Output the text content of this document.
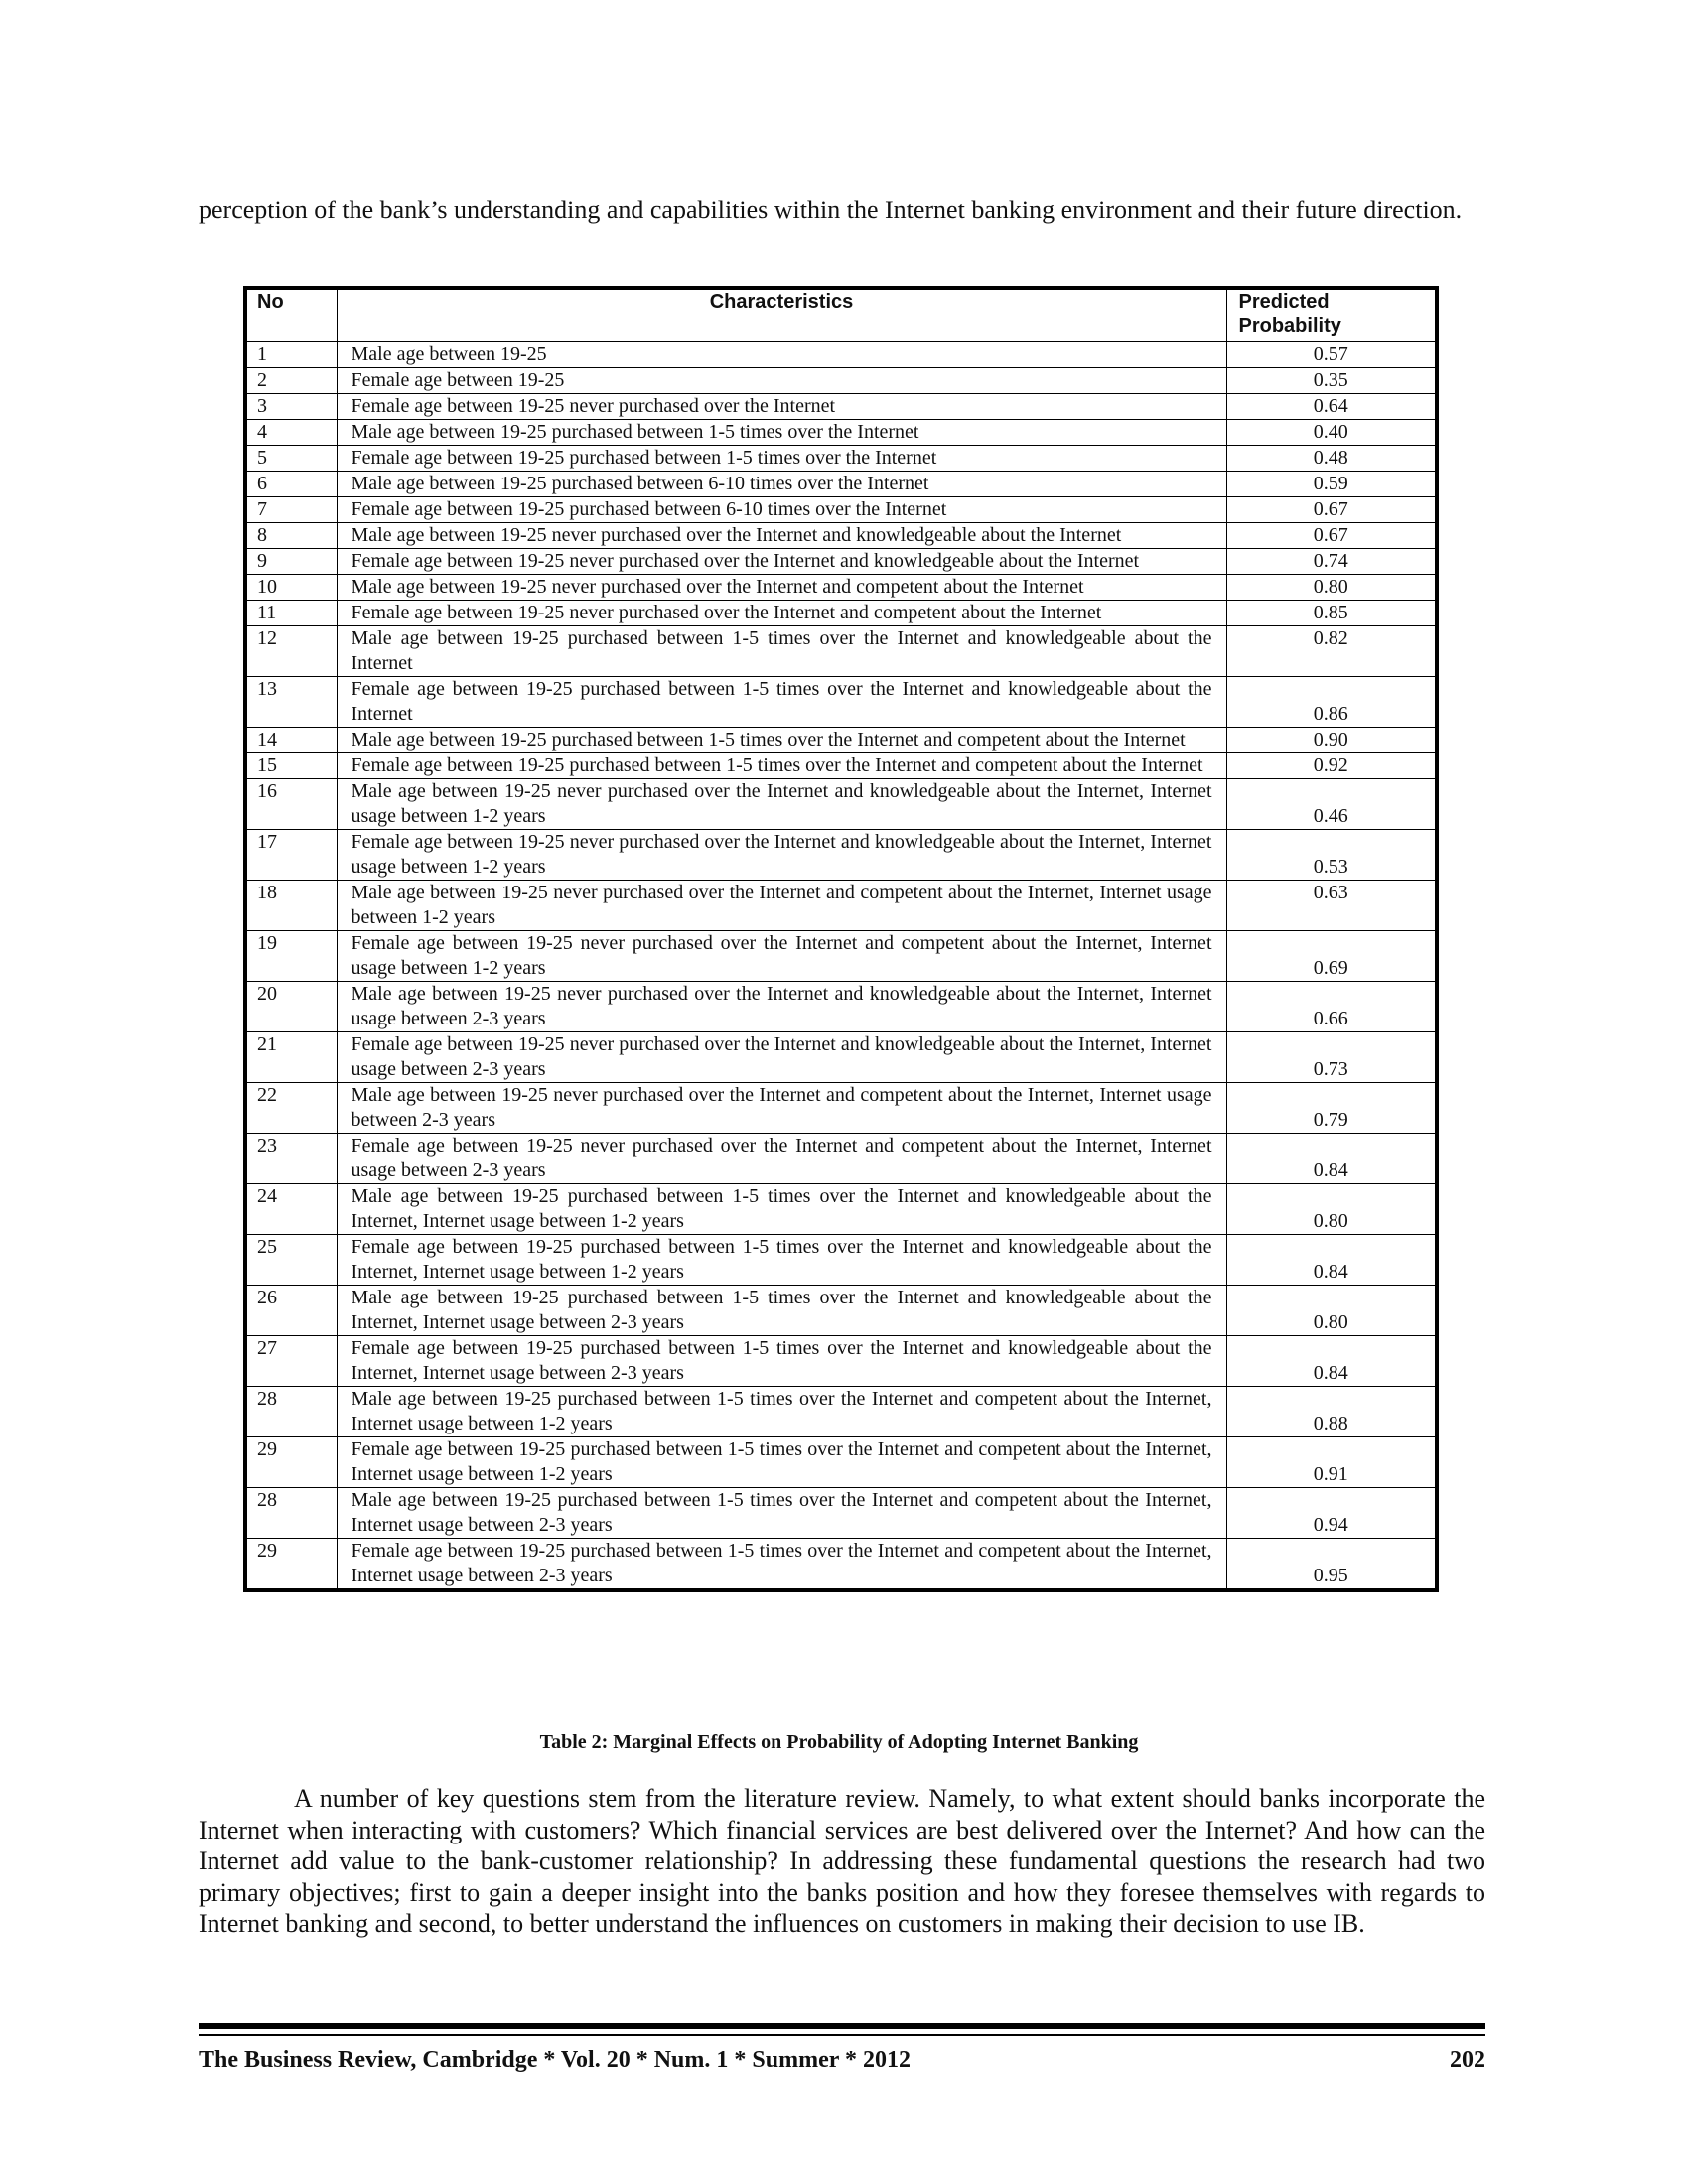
perception of the bank’s understanding and capabilities within the Internet banking environment and their future direction.

No	Characteristics	Predicted Probability
1	Male age between 19-25	0.57
2	Female age between 19-25	0.35
3	Female age between 19-25 never purchased over the Internet	0.64
4	Male age between 19-25 purchased between 1-5 times over the Internet	0.40
5	Female age between 19-25 purchased between 1-5 times over the Internet	0.48
6	Male age between 19-25 purchased between 6-10 times over the Internet	0.59
7	Female age between 19-25 purchased between 6-10 times over the Internet	0.67
8	Male age between 19-25 never purchased over the Internet and knowledgeable about the Internet	0.67
9	Female age between 19-25 never purchased over the Internet and knowledgeable about the Internet	0.74
10	Male age between 19-25 never purchased over the Internet and competent about the Internet	0.80
11	Female age between 19-25 never purchased over the Internet and competent about the Internet	0.85
12	Male age between 19-25 purchased between 1-5 times over the Internet and knowledgeable about the Internet	0.82
13	Female age between 19-25 purchased between 1-5 times over the Internet and knowledgeable about the Internet	0.86
14	Male age between 19-25 purchased between 1-5 times over the Internet and competent about the Internet	0.90
15	Female age between 19-25 purchased between 1-5 times over the Internet and competent about the Internet	0.92
16	Male age between 19-25 never purchased over the Internet and knowledgeable about the Internet, Internet usage between 1-2 years	0.46
17	Female age between 19-25 never purchased over the Internet and knowledgeable about the Internet, Internet usage between 1-2 years	0.53
18	Male age between 19-25 never purchased over the Internet and competent about the Internet, Internet usage between 1-2 years	0.63
19	Female age between 19-25 never purchased over the Internet and competent about the Internet, Internet usage between 1-2 years	0.69
20	Male age between 19-25 never purchased over the Internet and knowledgeable about the Internet, Internet usage between 2-3 years	0.66
21	Female age between 19-25 never purchased over the Internet and knowledgeable about the Internet, Internet usage between 2-3 years	0.73
22	Male age between 19-25 never purchased over the Internet and competent about the Internet, Internet usage between 2-3 years	0.79
23	Female age between 19-25 never purchased over the Internet and competent about the Internet, Internet usage between 2-3 years	0.84
24	Male age between 19-25 purchased between 1-5 times over the Internet and knowledgeable about the Internet, Internet usage between 1-2 years	0.80
25	Female age between 19-25 purchased between 1-5 times over the Internet and knowledgeable about the Internet, Internet usage between 1-2 years	0.84
26	Male age between 19-25 purchased between 1-5 times over the Internet and knowledgeable about the Internet, Internet usage between 2-3 years	0.80
27	Female age between 19-25 purchased between 1-5 times over the Internet and knowledgeable about the Internet, Internet usage between 2-3 years	0.84
28	Male age between 19-25 purchased between 1-5 times over the Internet and competent about the Internet, Internet usage between 1-2 years	0.88
29	Female age between 19-25 purchased between 1-5 times over the Internet and competent about the Internet, Internet usage between 1-2 years	0.91
28	Male age between 19-25 purchased between 1-5 times over the Internet and competent about the Internet, Internet usage between 2-3 years	0.94
29	Female age between 19-25 purchased between 1-5 times over the Internet and competent about the Internet, Internet usage between 2-3 years	0.95

Table 2: Marginal Effects on Probability of Adopting Internet Banking

A number of key questions stem from the literature review. Namely, to what extent should banks incorporate the Internet when interacting with customers? Which financial services are best delivered over the Internet? And how can the Internet add value to the bank-customer relationship? In addressing these fundamental questions the research had two primary objectives; first to gain a deeper insight into the banks position and how they foresee themselves with regards to Internet banking and second, to better understand the influences on customers in making their decision to use IB.

The Business Review, Cambridge * Vol. 20 * Num. 1 * Summer * 2012	202
